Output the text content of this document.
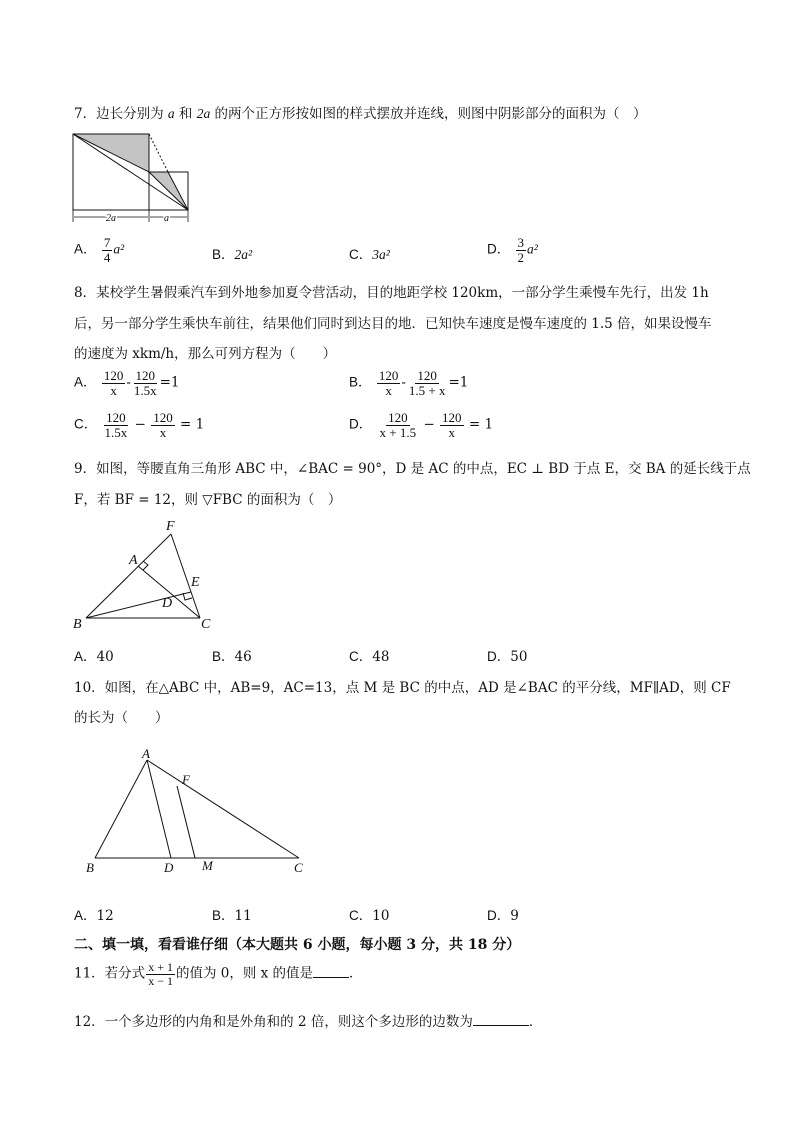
7．边长分别为 a 和 2a 的两个正方形按如图的样式摆放并连线，则图中阴影部分的面积为（　）
2a	a
A． $\frac{7}{4} a^2$	B．2a²	C．3a²	D． $\frac{3}{2} a^2$
8．某校学生暑假乘汽车到外地参加夏令营活动，目的地距学校 120km，一部分学生乘慢车先行，出发 1h
后，另一部分学生乘快车前往，结果他们同时到达目的地．已知快车速度是慢车速度的 1.5 倍，如果设慢车
的速度为 xkm/h，那么可列方程为（　　）
A． $\frac{120}{x} - \frac{120}{1.5x} =1$	B． $\frac{120}{x} - \frac{120}{1.5 + x} =1$
C． $\frac{120}{1.5x} - \frac{120}{x} = 1$	D． $\frac{120}{x + 1.5} - \frac{120}{x} = 1$
9．如图，等腰直角三角形 ABC 中，∠BAC = 90°，D 是 AC 的中点，EC ⊥ BD 于点 E，交 BA 的延长线于点
F，若 BF = 12，则 ▽FBC 的面积为（　）
F
A
E
D
B	C
A．40	B．46	C．48	D．50
10．如图，在△ABC 中，AB=9，AC=13，点 M 是 BC 的中点，AD 是∠BAC 的平分线，MF∥AD，则 CF
的长为（　　）
A
F
B	D M	C
A．12	B．11	C．10	D．9
二、填一填，看看谁仔细（本大题共 6 小题，每小题 3 分，共 18 分）
11．若分式 $\frac{x + 1}{x - 1}$ 的值为 0，则 x 的值是	．
12．一个多边形的内角和是外角和的 2 倍，则这个多边形的边数为	．
